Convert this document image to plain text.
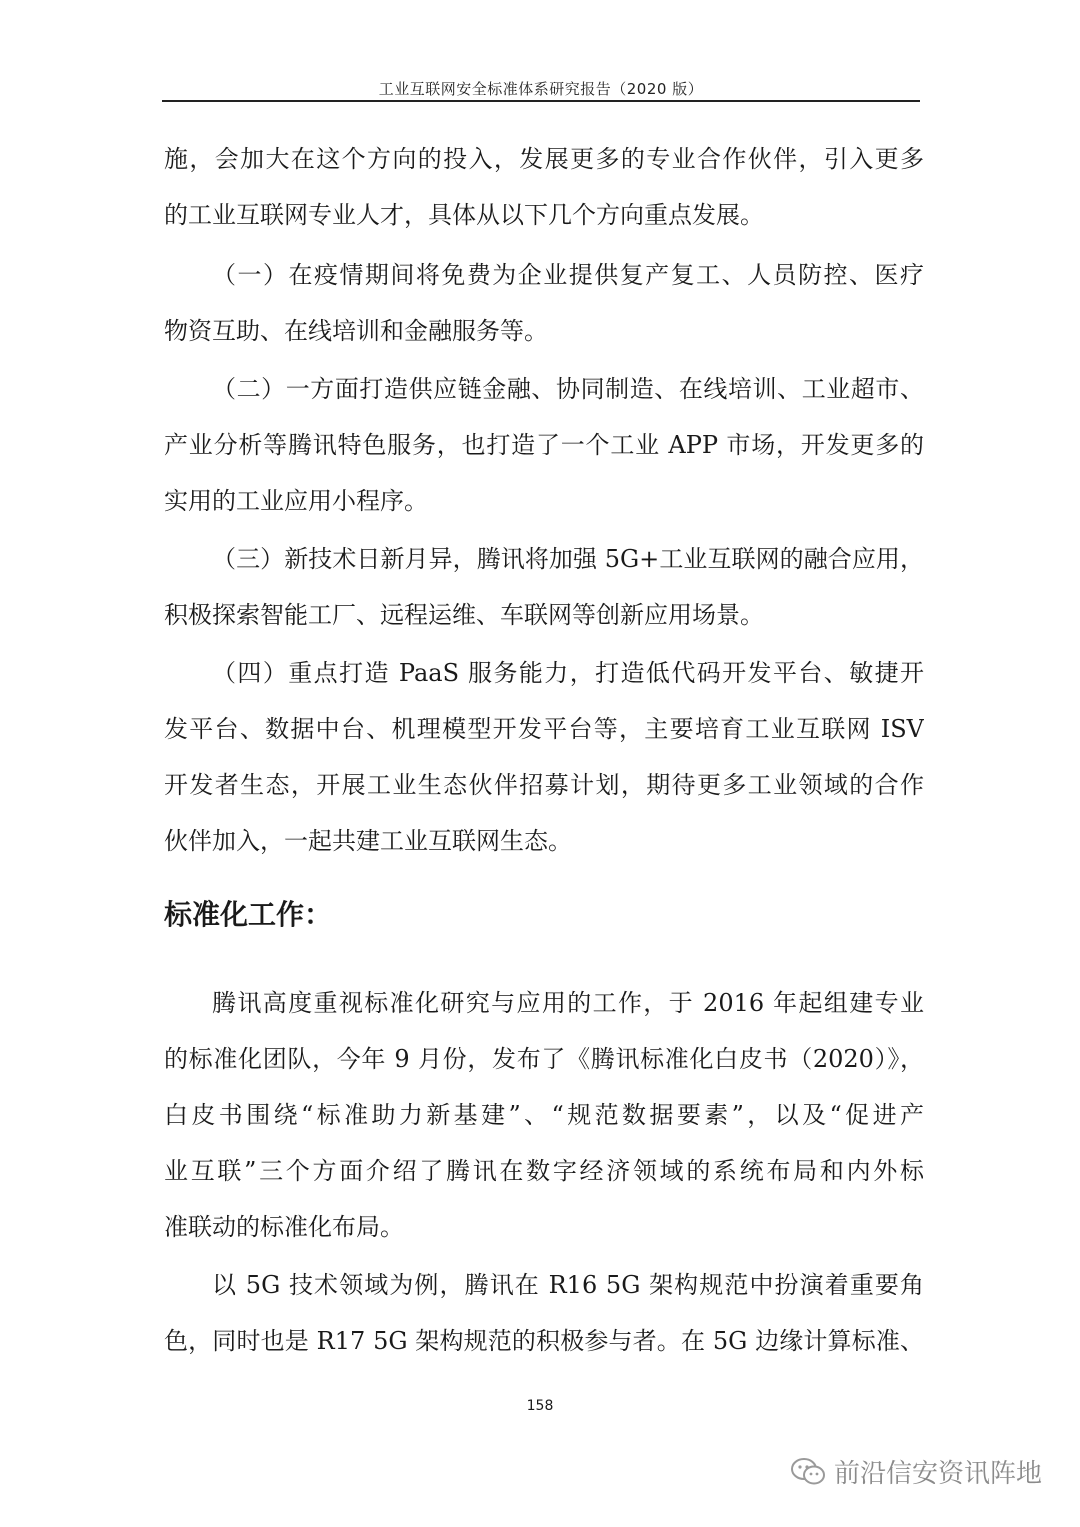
工业互联网安全标准体系研究报告（2020 版）
施，会加大在这个方向的投入，发展更多的专业合作伙伴，引入更多
的工业互联网专业人才，具体从以下几个方向重点发展。
（一）在疫情期间将免费为企业提供复产复工、人员防控、医疗
物资互助、在线培训和金融服务等。
（二）一方面打造供应链金融、协同制造、在线培训、工业超市、
产业分析等腾讯特色服务，也打造了一个工业 APP 市场，开发更多的
实用的工业应用小程序。
（三）新技术日新月异，腾讯将加强 5G+工业互联网的融合应用，
积极探索智能工厂、远程运维、车联网等创新应用场景。
（四）重点打造 PaaS 服务能力，打造低代码开发平台、敏捷开
发平台、数据中台、机理模型开发平台等，主要培育工业互联网 ISV
开发者生态，开展工业生态伙伴招募计划，期待更多工业领域的合作
伙伴加入，一起共建工业互联网生态。
标准化工作：
腾讯高度重视标准化研究与应用的工作，于 2016 年起组建专业
的标准化团队，今年 9 月份，发布了《腾讯标准化白皮书（2020）》，
白皮书围绕“标准助力新基建”、“规范数据要素”，以及“促进产
业互联”三个方面介绍了腾讯在数字经济领域的系统布局和内外标
准联动的标准化布局。
以 5G 技术领域为例，腾讯在 R16 5G 架构规范中扮演着重要角
色，同时也是 R17 5G 架构规范的积极参与者。在 5G 边缘计算标准、
158
前沿信安资讯阵地
